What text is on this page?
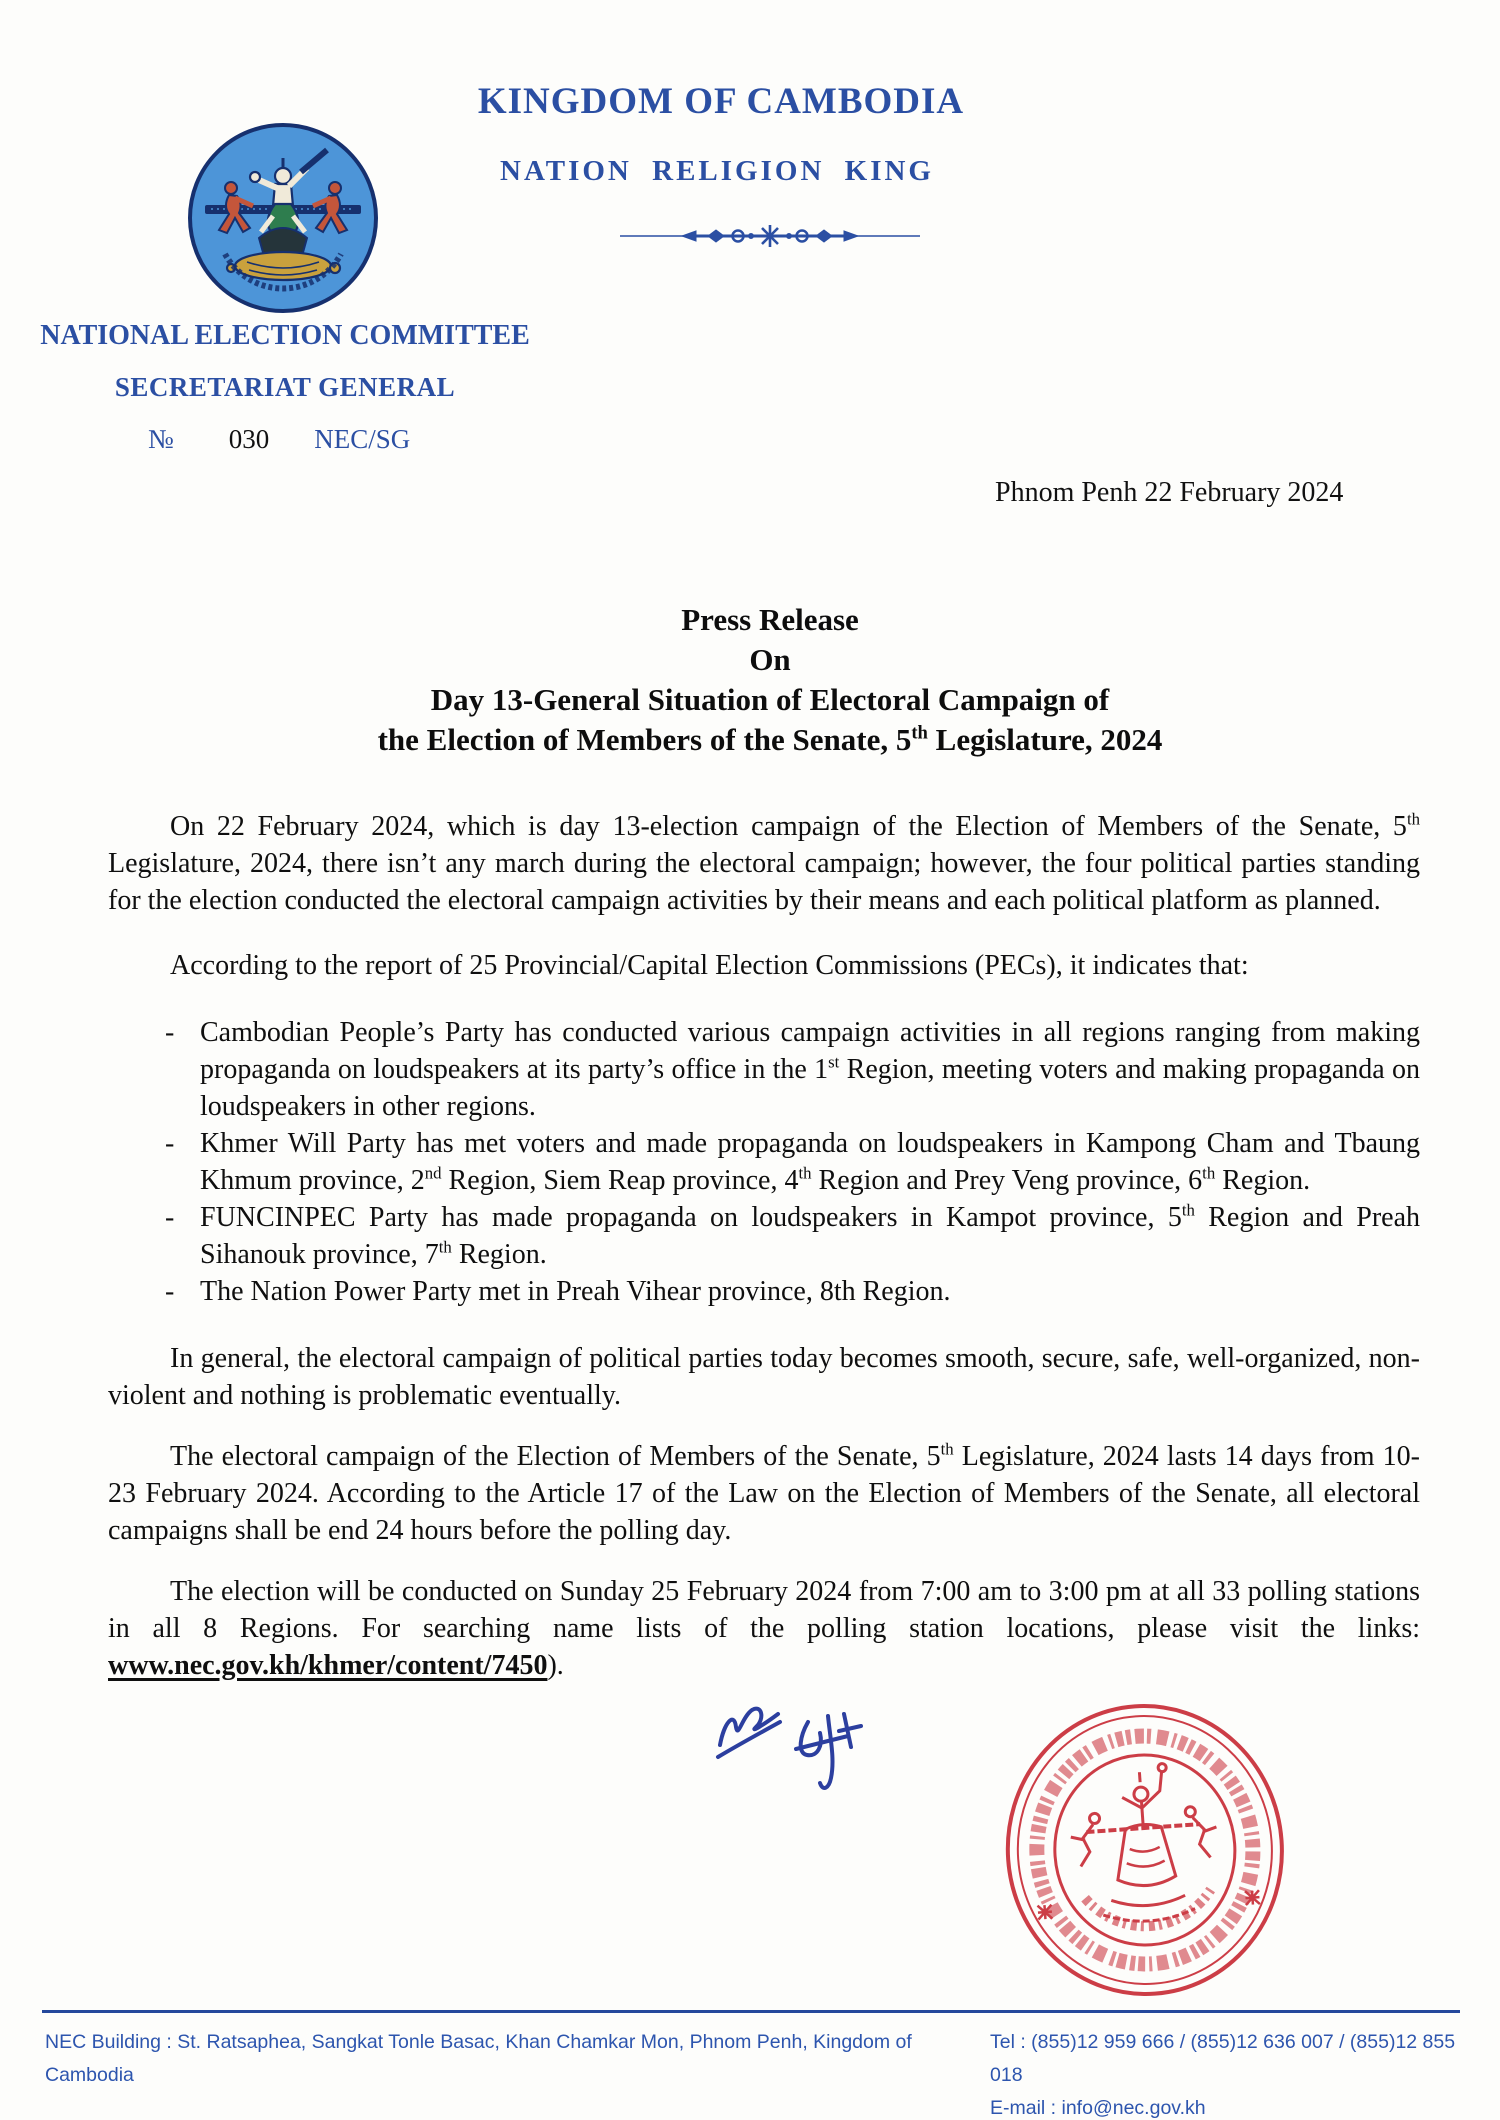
KINGDOM OF CAMBODIA
NATION RELIGION KING
NATIONAL ELECTION COMMITTEE
SECRETARIAT GENERAL
№ 030 NEC/SG
Phnom Penh 22 February 2024
Press Release
On
Day 13-General Situation of Electoral Campaign of
the Election of Members of the Senate, 5th Legislature, 2024

On 22 February 2024, which is day 13-election campaign of the Election of Members of the Senate, 5th Legislature, 2024, there isn’t any march during the electoral campaign; however, the four political parties standing for the election conducted the electoral campaign activities by their means and each political platform as planned.

According to the report of 25 Provincial/Capital Election Commissions (PECs), it indicates that:

- Cambodian People’s Party has conducted various campaign activities in all regions ranging from making propaganda on loudspeakers at its party’s office in the 1st Region, meeting voters and making propaganda on loudspeakers in other regions.
- Khmer Will Party has met voters and made propaganda on loudspeakers in Kampong Cham and Tbaung Khmum province, 2nd Region, Siem Reap province, 4th Region and Prey Veng province, 6th Region.
- FUNCINPEC Party has made propaganda on loudspeakers in Kampot province, 5th Region and Preah Sihanouk province, 7th Region.
- The Nation Power Party met in Preah Vihear province, 8th Region.

In general, the electoral campaign of political parties today becomes smooth, secure, safe, well-organized, non-violent and nothing is problematic eventually.

The electoral campaign of the Election of Members of the Senate, 5th Legislature, 2024 lasts 14 days from 10-23 February 2024. According to the Article 17 of the Law on the Election of Members of the Senate, all electoral campaigns shall be end 24 hours before the polling day.

The election will be conducted on Sunday 25 February 2024 from 7:00 am to 3:00 pm at all 33 polling stations in all 8 Regions. For searching name lists of the polling station locations, please visit the links: www.nec.gov.kh/khmer/content/7450).

NEC Building : St. Ratsaphea, Sangkat Tonle Basac, Khan Chamkar Mon, Phnom Penh, Kingdom of Cambodia
Tel : (855)12 959 666 / (855)12 636 007 / (855)12 855 018
E-mail : info@nec.gov.kh
